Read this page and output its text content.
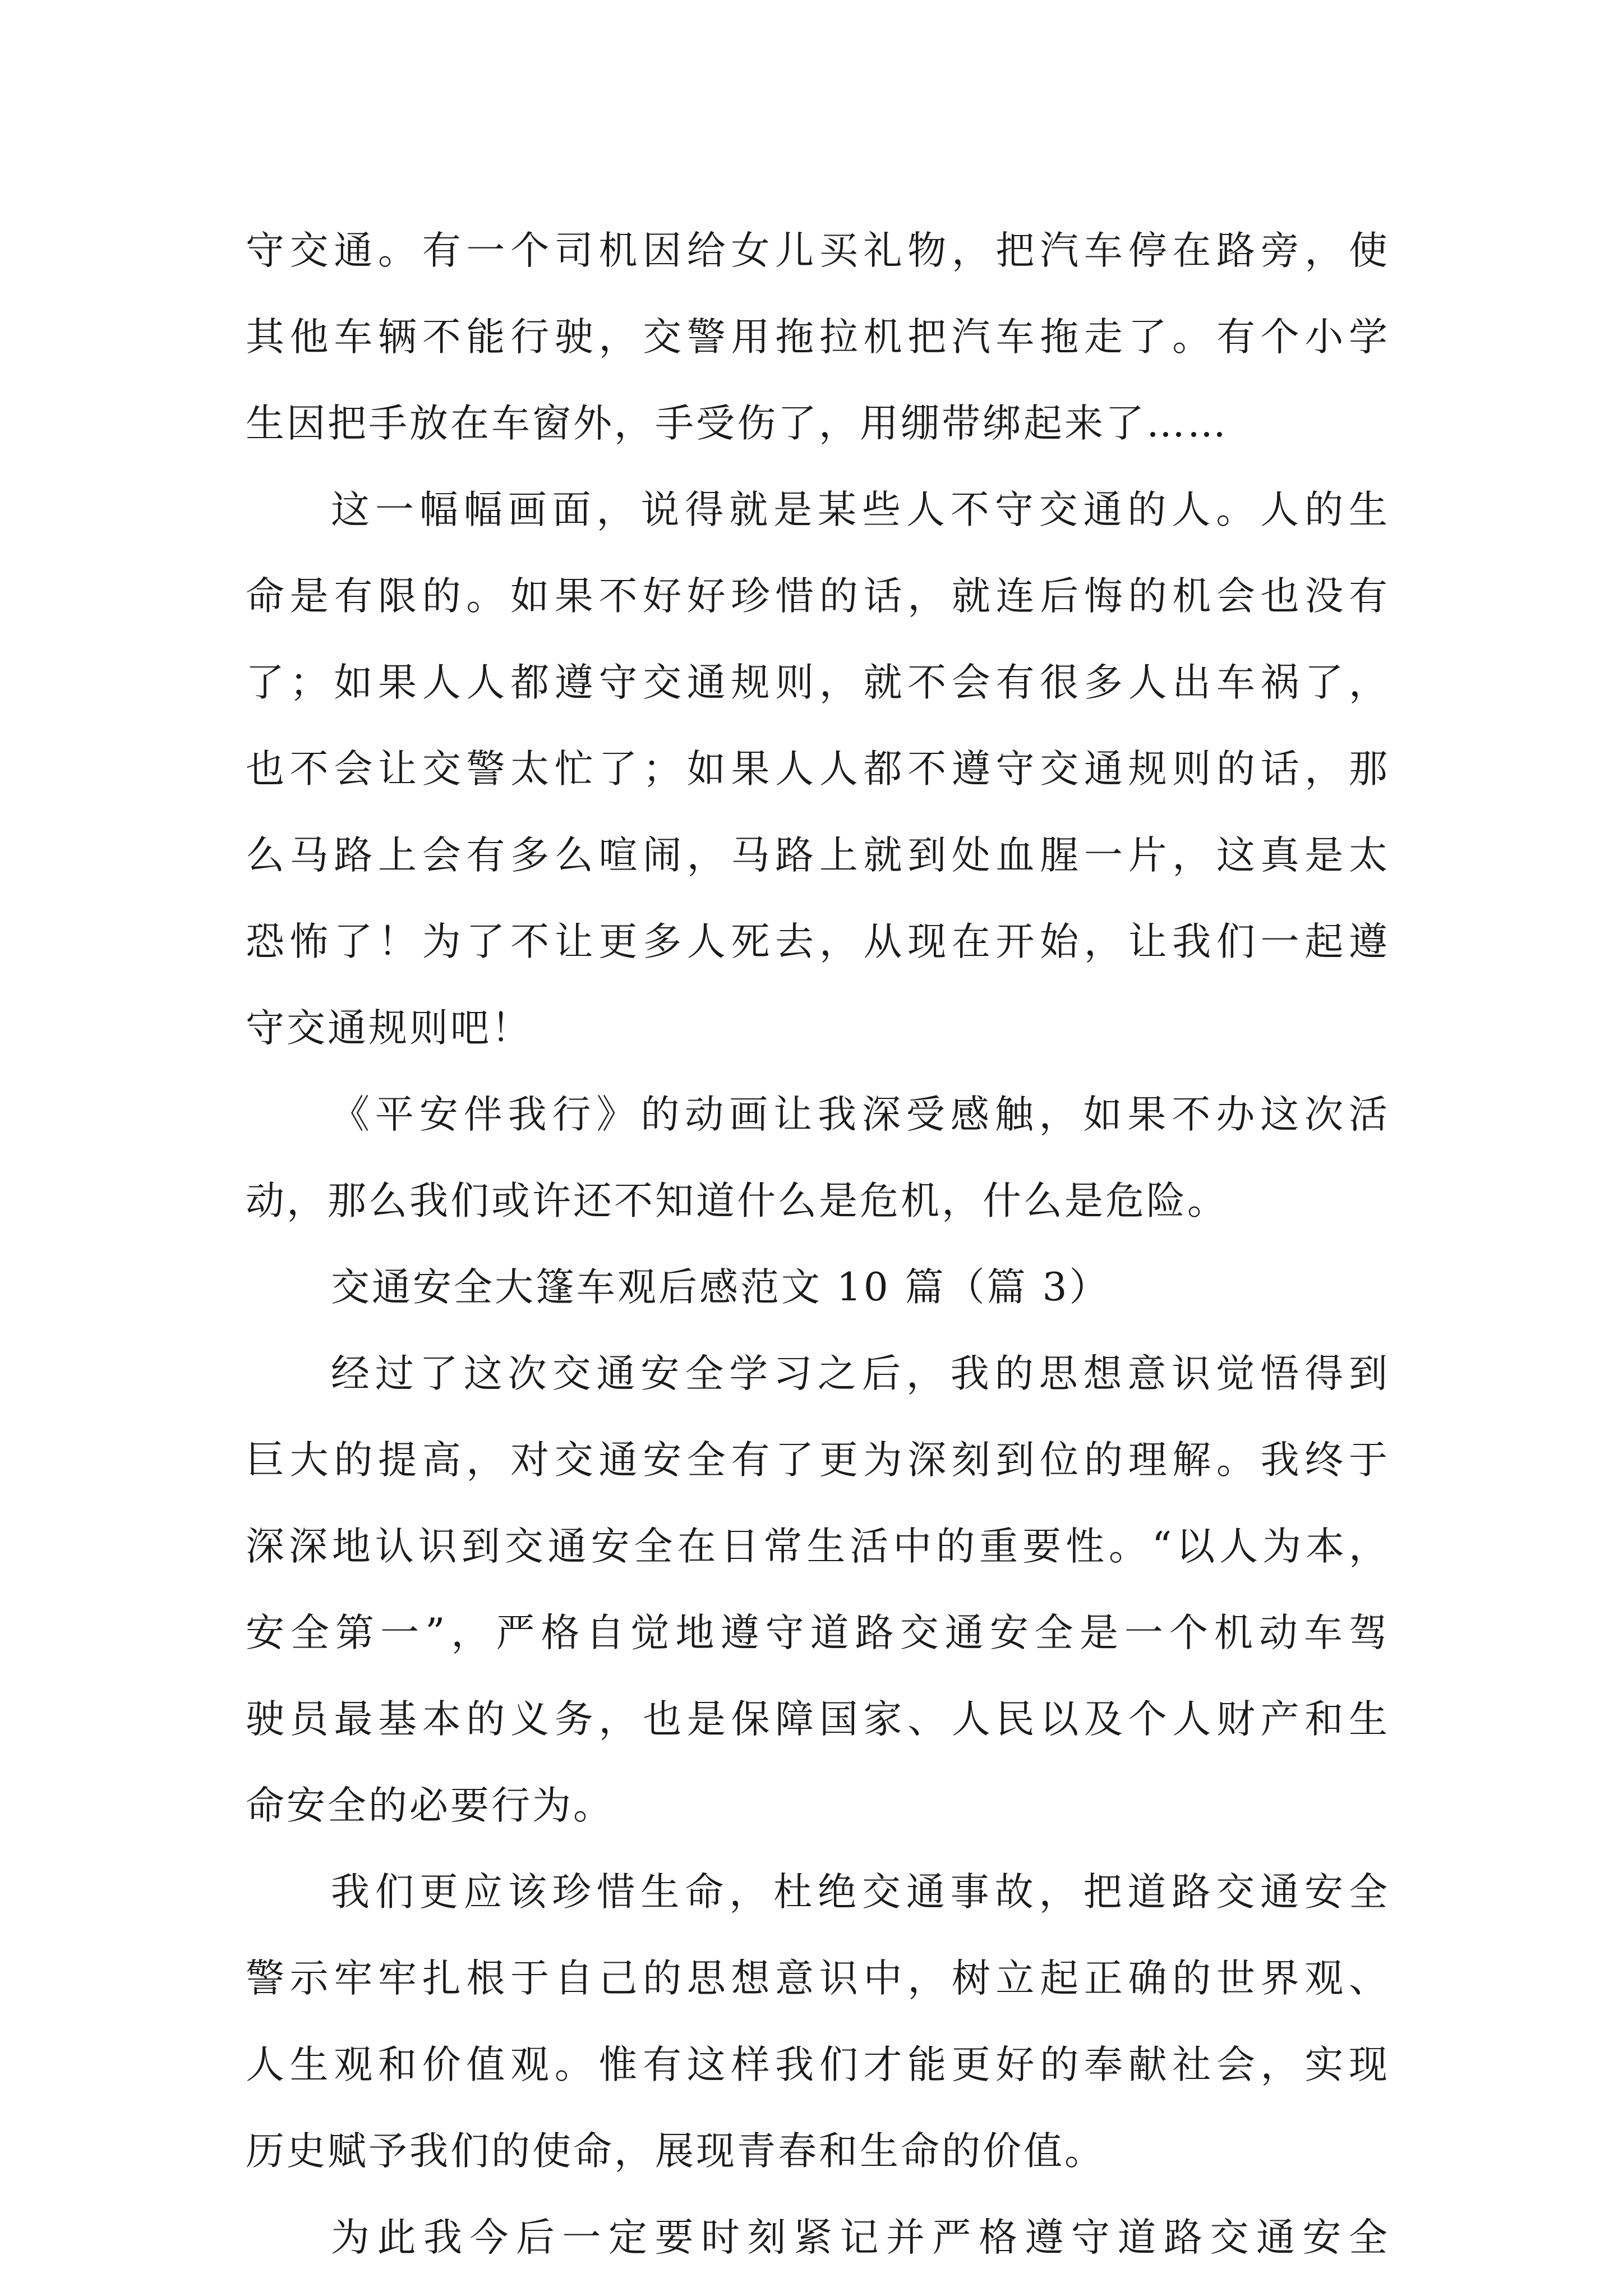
守交通。有一个司机因给女儿买礼物，把汽车停在路旁，使
其他车辆不能行驶，交警用拖拉机把汽车拖走了。有个小学
生因把手放在车窗外，手受伤了，用绷带绑起来了……
这一幅幅画面，说得就是某些人不守交通的人。人的生
命是有限的。如果不好好珍惜的话，就连后悔的机会也没有
了；如果人人都遵守交通规则，就不会有很多人出车祸了，
也不会让交警太忙了；如果人人都不遵守交通规则的话，那
么马路上会有多么喧闹，马路上就到处血腥一片，这真是太
恐怖了！为了不让更多人死去，从现在开始，让我们一起遵
守交通规则吧！
《平安伴我行》的动画让我深受感触，如果不办这次活
动，那么我们或许还不知道什么是危机，什么是危险。
交通安全大篷车观后感范文 10 篇（篇 3）
经过了这次交通安全学习之后，我的思想意识觉悟得到
巨大的提高，对交通安全有了更为深刻到位的理解。我终于
深深地认识到交通安全在日常生活中的重要性。“以人为本，
安全第一”，严格自觉地遵守道路交通安全是一个机动车驾
驶员最基本的义务，也是保障国家、人民以及个人财产和生
命安全的必要行为。
我们更应该珍惜生命，杜绝交通事故，把道路交通安全
警示牢牢扎根于自己的思想意识中，树立起正确的世界观、
人生观和价值观。惟有这样我们才能更好的奉献社会，实现
历史赋予我们的使命，展现青春和生命的价值。
为此我今后一定要时刻紧记并严格遵守道路交通安全
